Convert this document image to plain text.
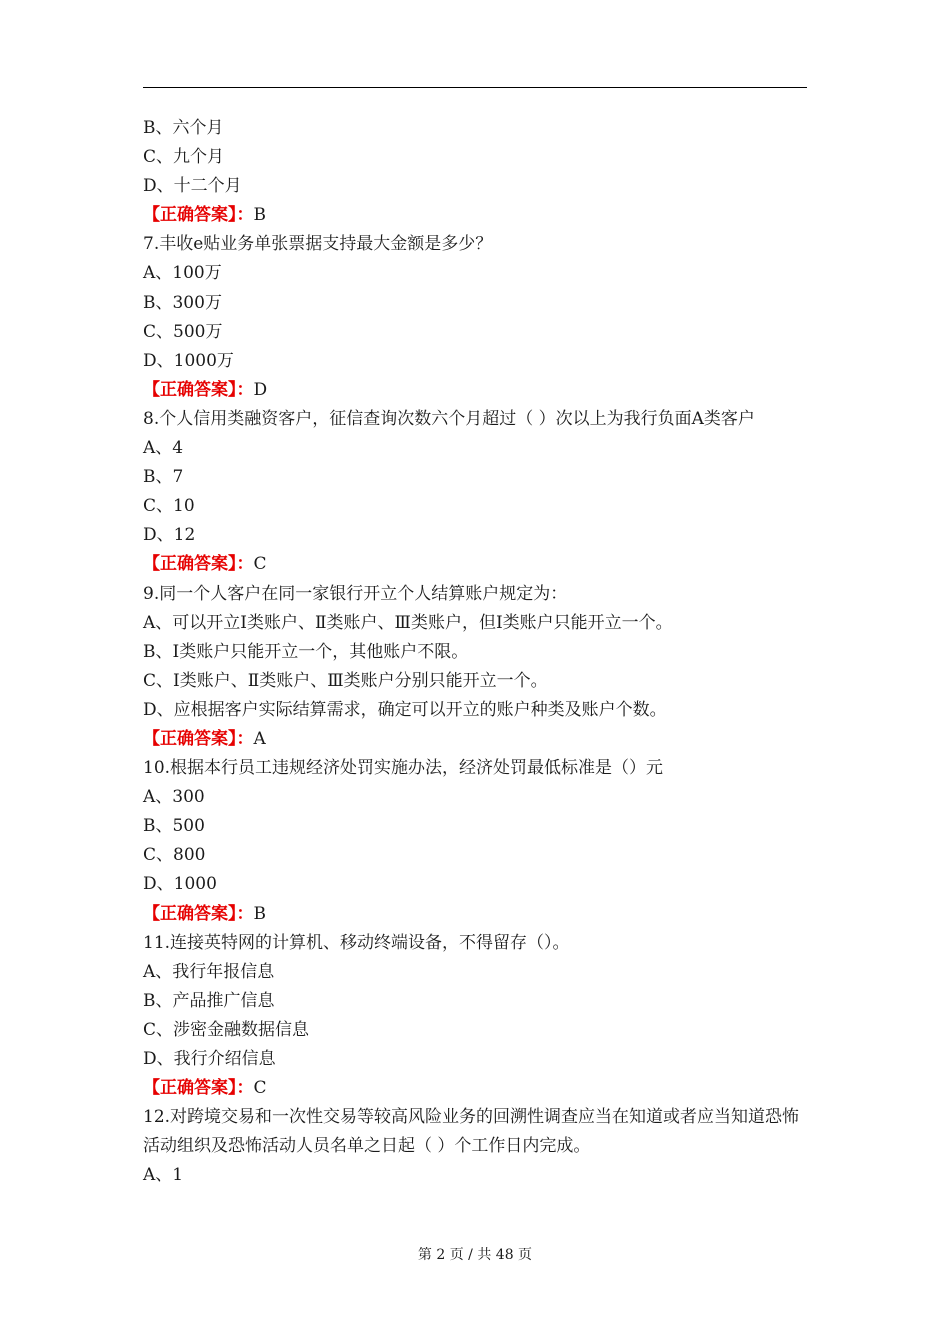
B、六个月
C、九个月
D、十二个月
【正确答案】：B
7.丰收e贴业务单张票据支持最大金额是多少？
A、100万
B、300万
C、500万
D、1000万
【正确答案】：D
8.个人信用类融资客户，征信查询次数六个月超过（ ）次以上为我行负面A类客户
A、4
B、7
C、10
D、12
【正确答案】：C
9.同一个人客户在同一家银行开立个人结算账户规定为：
A、可以开立Ⅰ类账户、Ⅱ类账户、Ⅲ类账户，但Ⅰ类账户只能开立一个。
B、Ⅰ类账户只能开立一个，其他账户不限。
C、Ⅰ类账户、Ⅱ类账户、Ⅲ类账户分别只能开立一个。
D、应根据客户实际结算需求，确定可以开立的账户种类及账户个数。
【正确答案】：A
10.根据本行员工违规经济处罚实施办法，经济处罚最低标准是（）元
A、300
B、500
C、800
D、1000
【正确答案】：B
11.连接英特网的计算机、移动终端设备，不得留存（）。
A、我行年报信息
B、产品推广信息
C、涉密金融数据信息
D、我行介绍信息
【正确答案】：C
12.对跨境交易和一次性交易等较高风险业务的回溯性调查应当在知道或者应当知道恐怖活动组织及恐怖活动人员名单之日起（ ）个工作日内完成。
A、1
第 2 页 / 共 48 页
